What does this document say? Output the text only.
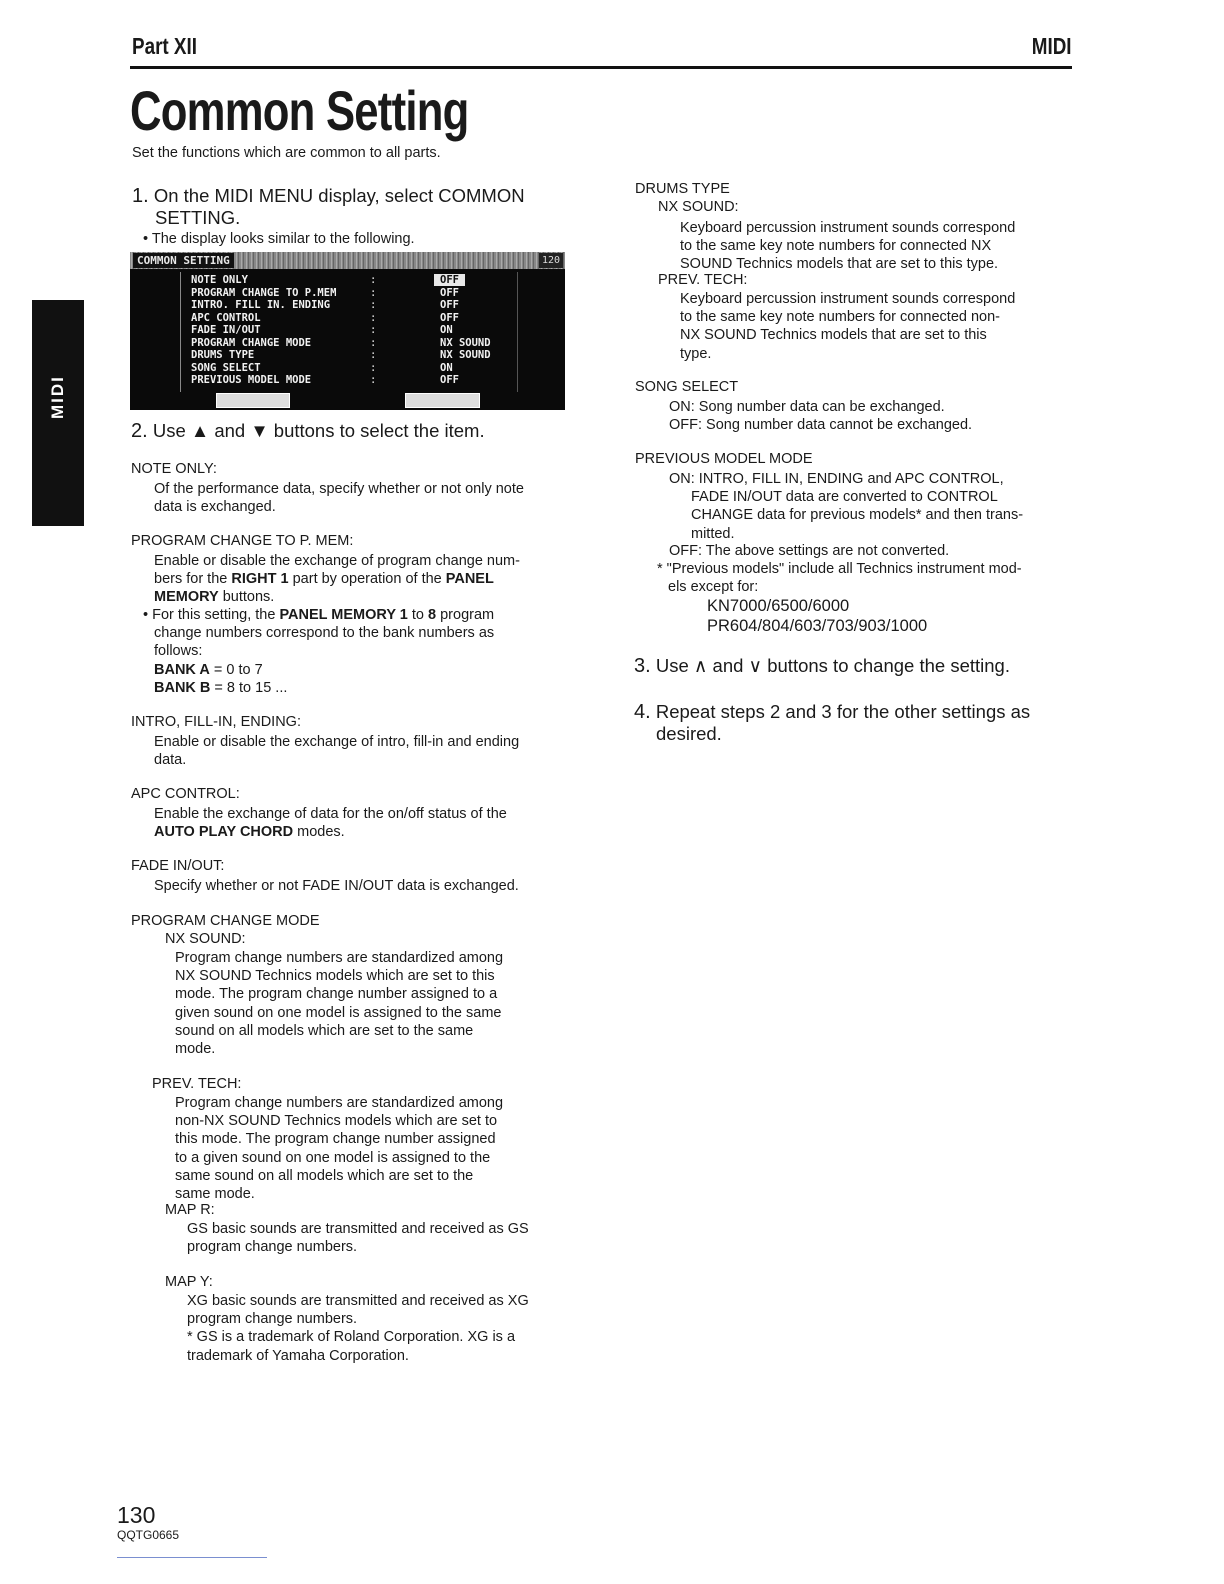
Part XII	MIDI
Common Setting
Set the functions which are common to all parts.
MIDI
1. On the MIDI MENU display, select COMMON
SETTING.
• The display looks similar to the following.
COMMON SETTING	120
NOTE ONLY	:	OFF
PROGRAM CHANGE TO P.MEM	:	OFF
INTRO. FILL IN. ENDING	:	OFF
APC CONTROL	:	OFF
FADE IN/OUT	:	ON
PROGRAM CHANGE MODE	:	NX SOUND
DRUMS TYPE	:	NX SOUND
SONG SELECT	:	ON
PREVIOUS MODEL MODE	:	OFF
2. Use ▲ and ▼ buttons to select the item.
NOTE ONLY:
Of the performance data, specify whether or not only note
data is exchanged.
PROGRAM CHANGE TO P. MEM:
Enable or disable the exchange of program change num-
bers for the RIGHT 1 part by operation of the PANEL
MEMORY buttons.
• For this setting, the PANEL MEMORY 1 to 8 program
change numbers correspond to the bank numbers as
follows:
BANK A = 0 to 7
BANK B = 8 to 15 ...
INTRO, FILL-IN, ENDING:
Enable or disable the exchange of intro, fill-in and ending
data.
APC CONTROL:
Enable the exchange of data for the on/off status of the
AUTO PLAY CHORD modes.
FADE IN/OUT:
Specify whether or not FADE IN/OUT data is exchanged.
PROGRAM CHANGE MODE
NX SOUND:
Program change numbers are standardized among
NX SOUND Technics models which are set to this
mode. The program change number assigned to a
given sound on one model is assigned to the same
sound on all models which are set to the same
mode.
PREV. TECH:
Program change numbers are standardized among
non-NX SOUND Technics models which are set to
this mode. The program change number assigned
to a given sound on one model is assigned to the
same sound on all models which are set to the
same mode.
MAP R:
GS basic sounds are transmitted and received as GS
program change numbers.
MAP Y:
XG basic sounds are transmitted and received as XG
program change numbers.
* GS is a trademark of Roland Corporation. XG is a
trademark of Yamaha Corporation.
DRUMS TYPE
NX SOUND:
Keyboard percussion instrument sounds correspond
to the same key note numbers for connected NX
SOUND Technics models that are set to this type.
PREV. TECH:
Keyboard percussion instrument sounds correspond
to the same key note numbers for connected non-
NX SOUND Technics models that are set to this
type.
SONG SELECT
ON: Song number data can be exchanged.
OFF: Song number data cannot be exchanged.
PREVIOUS MODEL MODE
ON: INTRO, FILL IN, ENDING and APC CONTROL,
FADE IN/OUT data are converted to CONTROL
CHANGE data for previous models* and then trans-
mitted.
OFF: The above settings are not converted.
* "Previous models" include all Technics instrument mod-
els except for:
KN7000/6500/6000
PR604/804/603/703/903/1000
3. Use ∧ and ∨ buttons to change the setting.
4. Repeat steps 2 and 3 for the other settings as
desired.
130
QQTG0665
